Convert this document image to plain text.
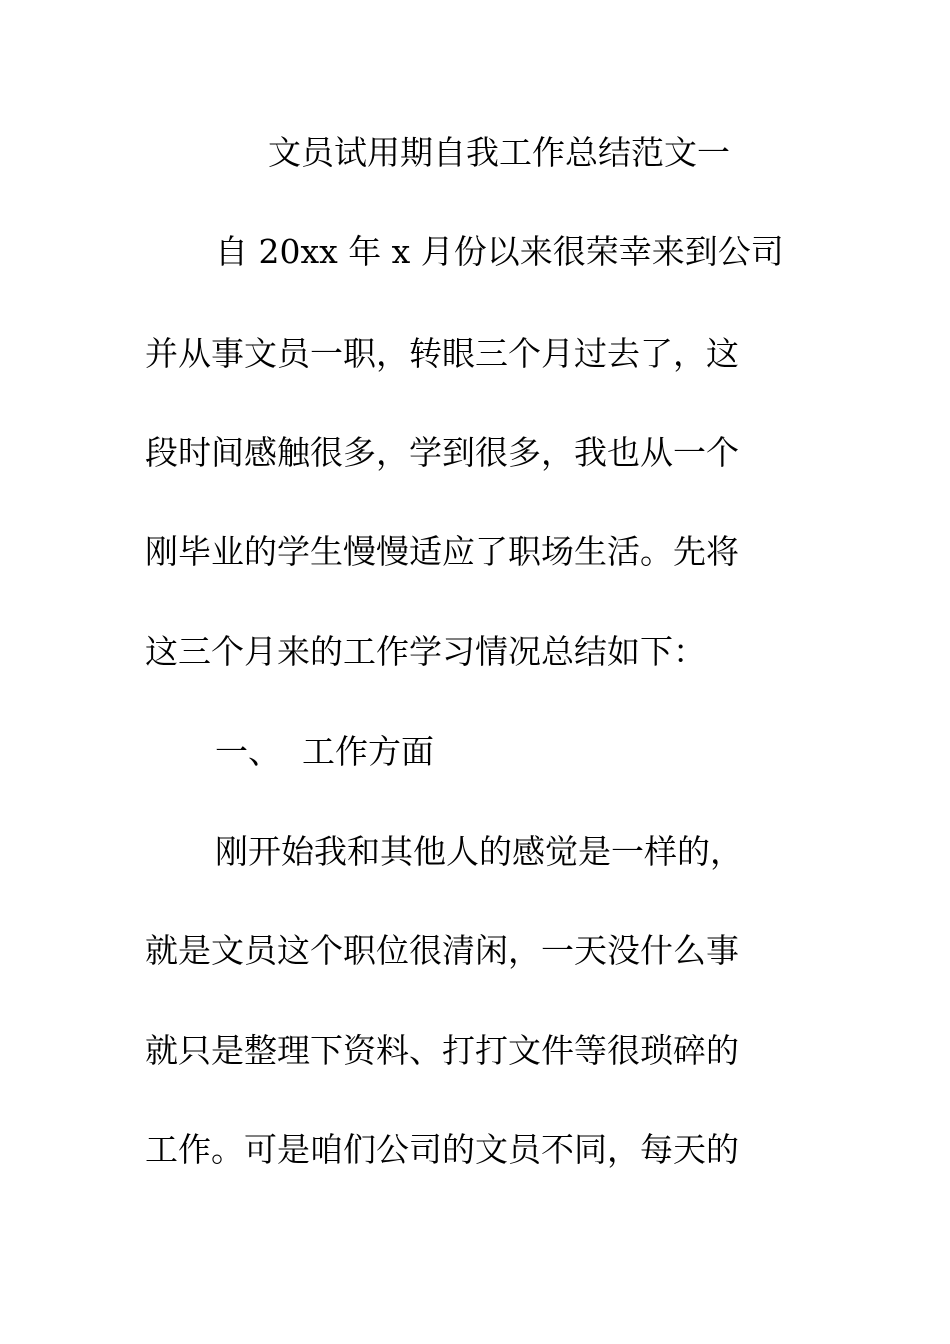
文员试用期自我工作总结范文一
自 20xx 年 x 月份以来很荣幸来到公司
并从事文员一职，转眼三个月过去了，这
段时间感触很多，学到很多，我也从一个
刚毕业的学生慢慢适应了职场生活。先将
这三个月来的工作学习情况总结如下：
一、 工作方面
刚开始我和其他人的感觉是一样的，
就是文员这个职位很清闲，一天没什么事
就只是整理下资料、打打文件等很琐碎的
工作。可是咱们公司的文员不同，每天的
